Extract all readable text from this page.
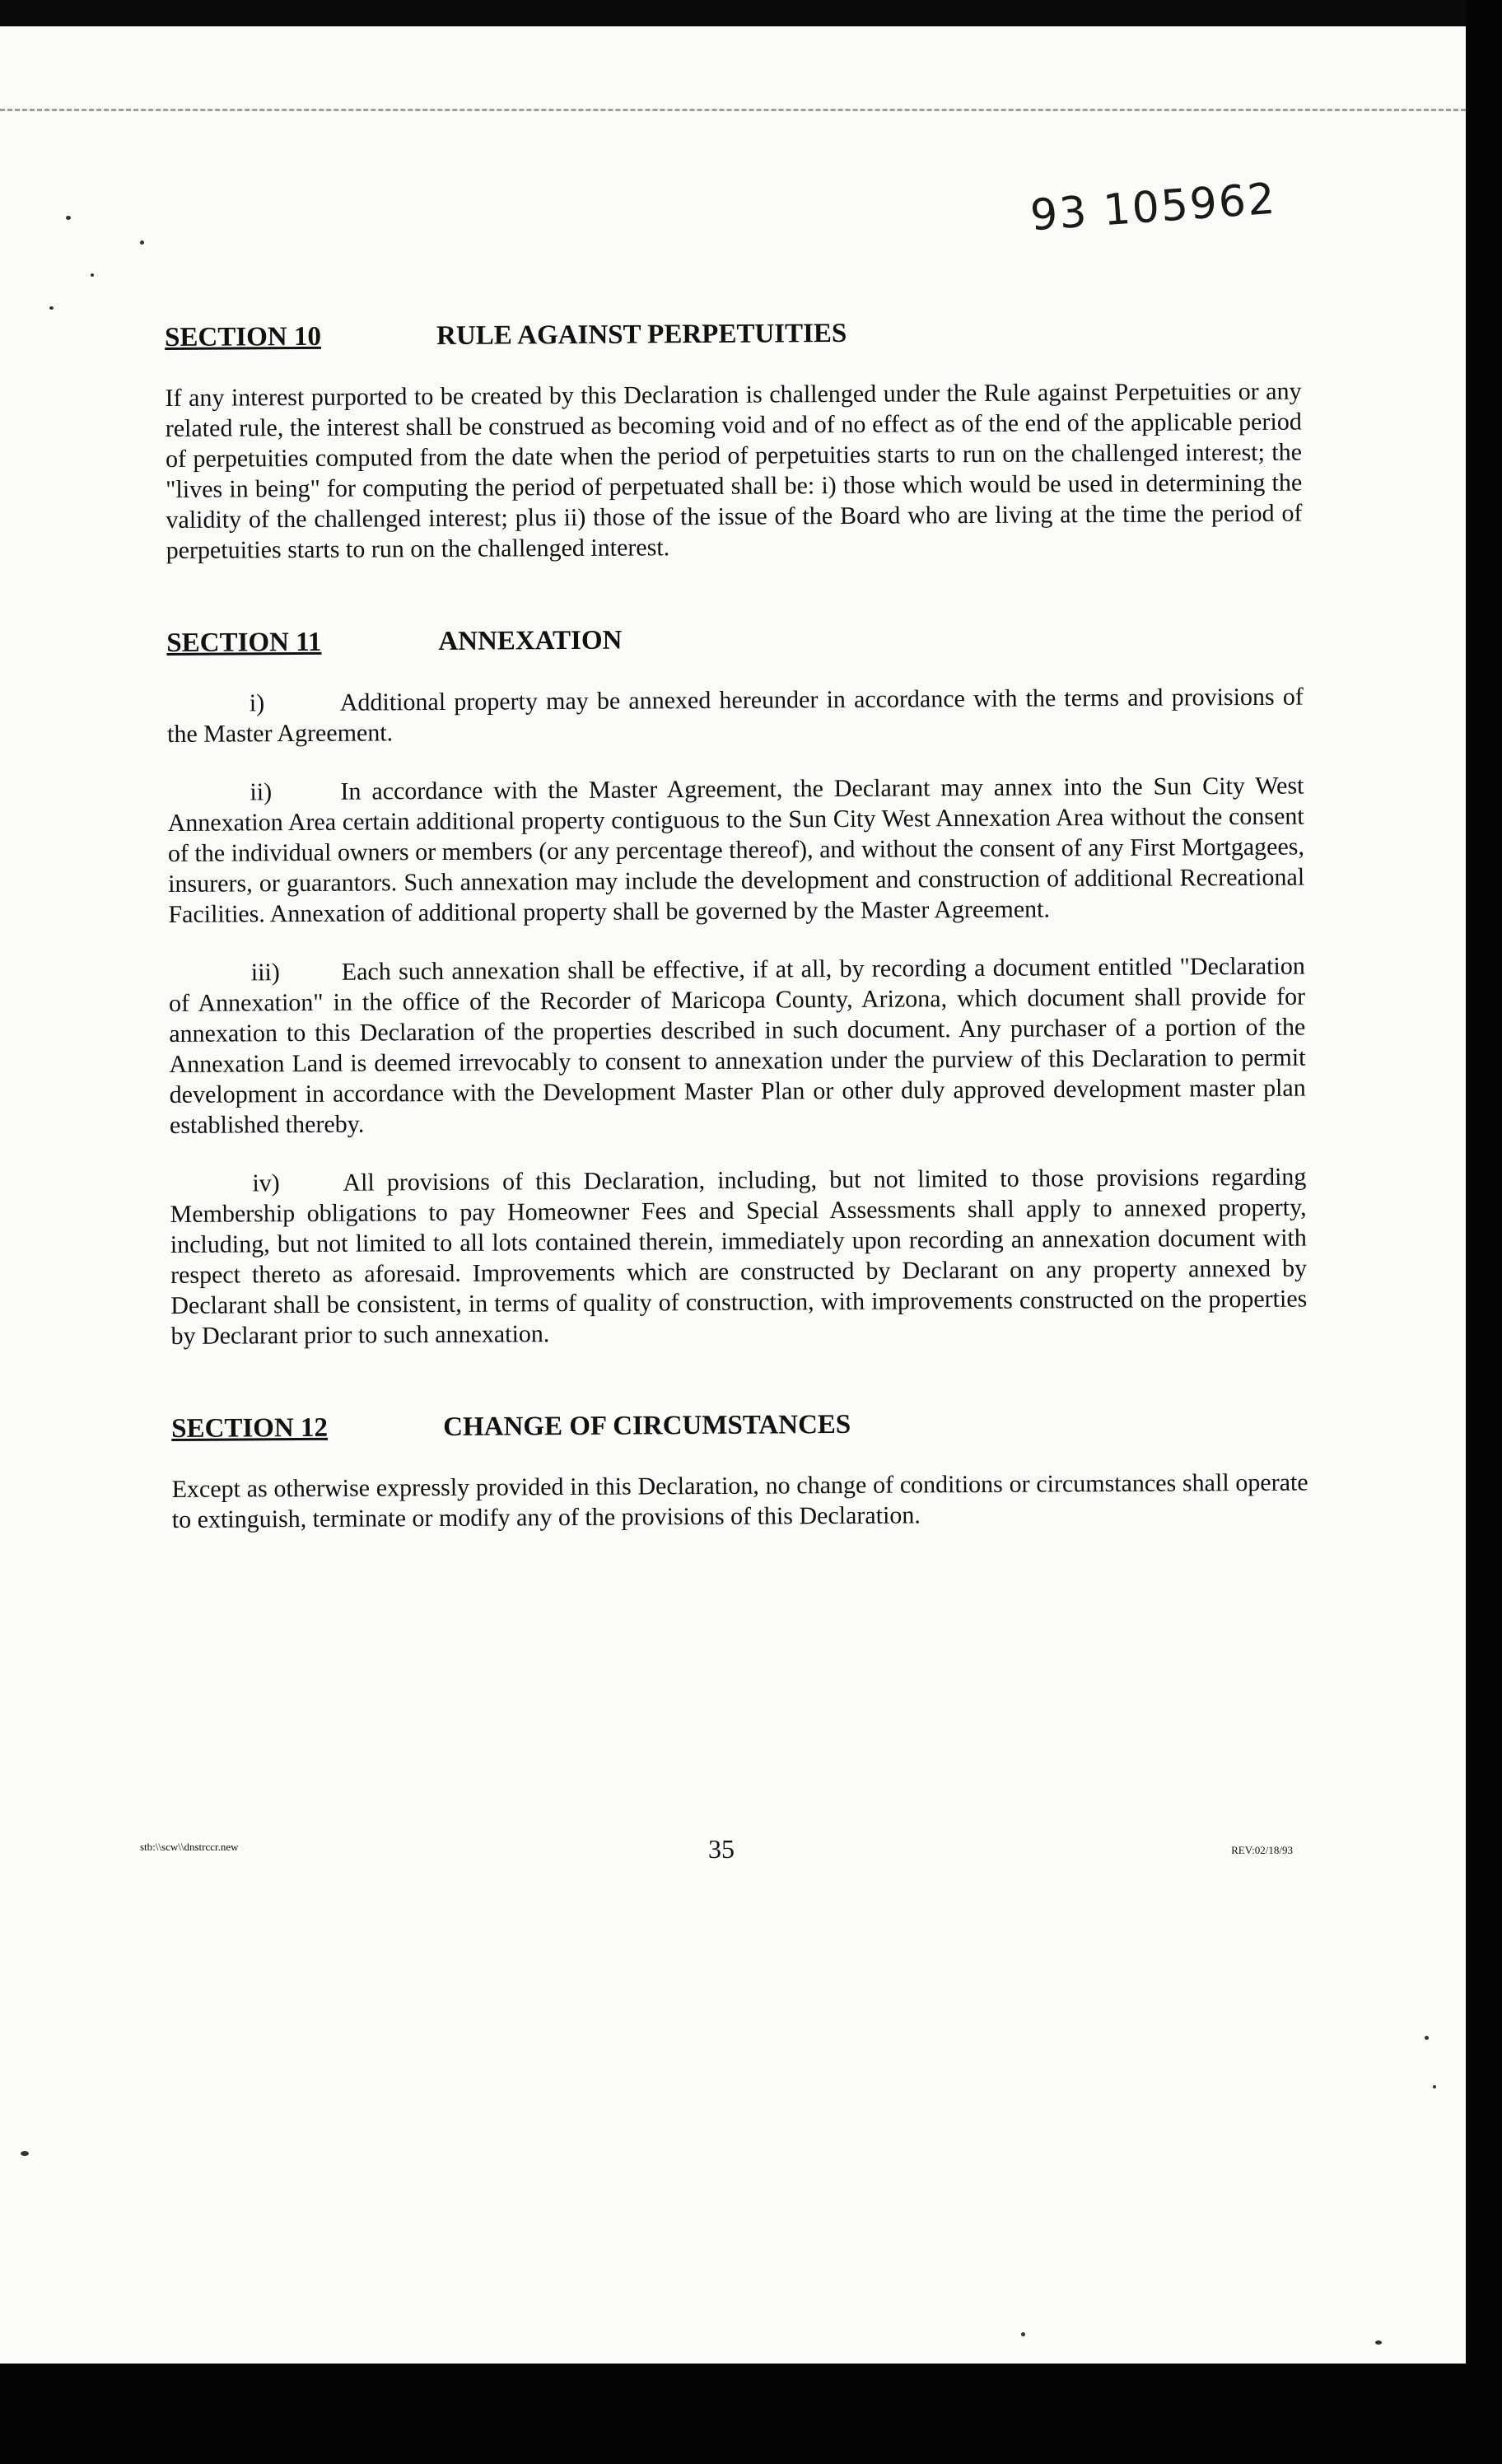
93 105962
SECTION 10	RULE AGAINST PERPETUITIES

If any interest purported to be created by this Declaration is challenged under the Rule against Perpetuities or any related rule, the interest shall be construed as becoming void and of no effect as of the end of the applicable period of perpetuities computed from the date when the period of perpetuities starts to run on the challenged interest; the "lives in being" for computing the period of perpetuated shall be: i) those which would be used in determining the validity of the challenged interest; plus ii) those of the issue of the Board who are living at the time the period of perpetuities starts to run on the challenged interest.

SECTION 11	ANNEXATION

i)	Additional property may be annexed hereunder in accordance with the terms and provisions of the Master Agreement.

ii)	In accordance with the Master Agreement, the Declarant may annex into the Sun City West Annexation Area certain additional property contiguous to the Sun City West Annexation Area without the consent of the individual owners or members (or any percentage thereof), and without the consent of any First Mortgagees, insurers, or guarantors. Such annexation may include the development and construction of additional Recreational Facilities. Annexation of additional property shall be governed by the Master Agreement.

iii) Each such annexation shall be effective, if at all, by recording a document entitled "Declaration of Annexation" in the office of the Recorder of Maricopa County, Arizona, which document shall provide for annexation to this Declaration of the properties described in such document. Any purchaser of a portion of the Annexation Land is deemed irrevocably to consent to annexation under the purview of this Declaration to permit development in accordance with the Development Master Plan or other duly approved development master plan established thereby.

iv)	All provisions of this Declaration, including, but not limited to those provisions regarding Membership obligations to pay Homeowner Fees and Special Assessments shall apply to annexed property, including, but not limited to all lots contained therein, immediately upon recording an annexation document with respect thereto as aforesaid. Improvements which are constructed by Declarant on any property annexed by Declarant shall be consistent, in terms of quality of construction, with improvements constructed on the properties by Declarant prior to such annexation.

SECTION 12	CHANGE OF CIRCUMSTANCES

Except as otherwise expressly provided in this Declaration, no change of conditions or circumstances shall operate to extinguish, terminate or modify any of the provisions of this Declaration.

stb:\\scw\\dnstrccr.new	35	REV:02/18/93
